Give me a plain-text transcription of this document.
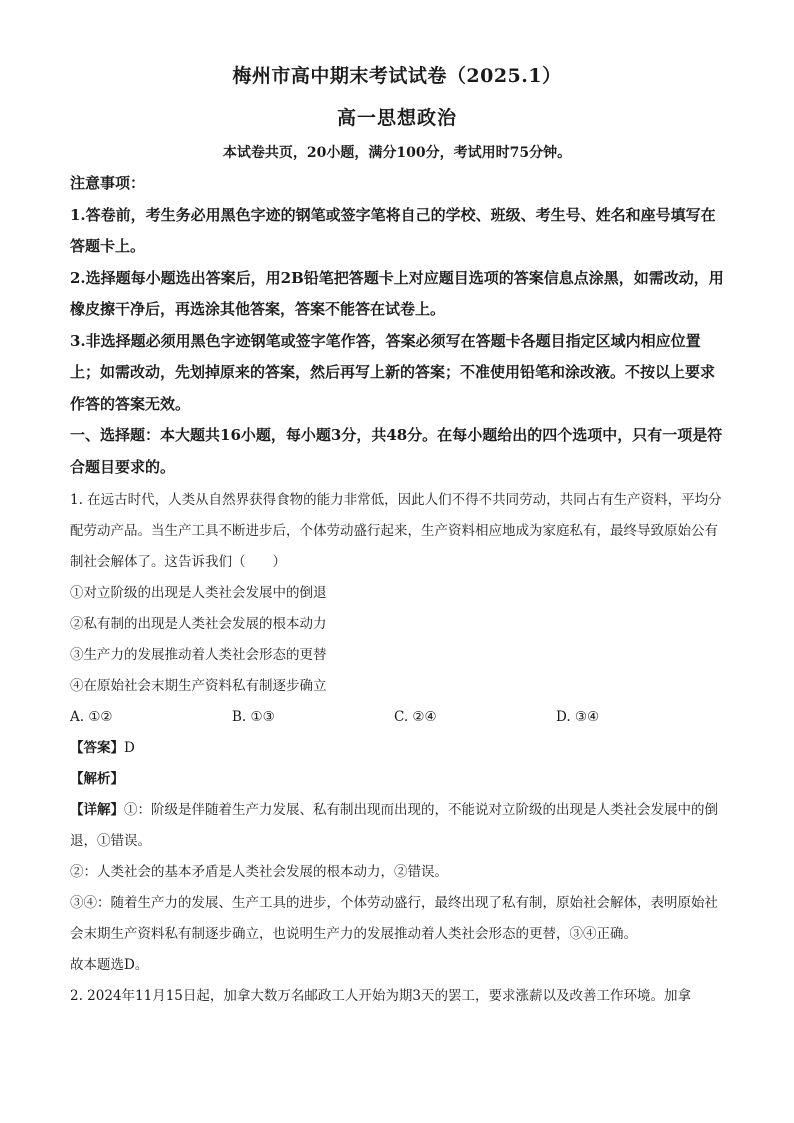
梅州市高中期末考试试卷（2025.1）
高一思想政治

本试卷共页，20小题，满分100分，考试用时75分钟。

注意事项：

1.答卷前，考生务必用黑色字迹的钢笔或签字笔将自己的学校、班级、考生号、姓名和座号填写在答题卡上。

2.选择题每小题选出答案后，用2B铅笔把答题卡上对应题目选项的答案信息点涂黑，如需改动，用橡皮擦干净后，再选涂其他答案，答案不能答在试卷上。

3.非选择题必须用黑色字迹钢笔或签字笔作答，答案必须写在答题卡各题目指定区域内相应位置上；如需改动，先划掉原来的答案，然后再写上新的答案；不准使用铅笔和涂改液。不按以上要求作答的答案无效。

一、选择题：本大题共16小题，每小题3分，共48分。在每小题给出的四个选项中，只有一项是符合题目要求的。

1. 在远古时代，人类从自然界获得食物的能力非常低，因此人们不得不共同劳动，共同占有生产资料，平均分配劳动产品。当生产工具不断进步后，个体劳动盛行起来，生产资料相应地成为家庭私有，最终导致原始公有制社会解体了。这告诉我们（　　）

①对立阶级的出现是人类社会发展中的倒退

②私有制的出现是人类社会发展的根本动力

③生产力的发展推动着人类社会形态的更替

④在原始社会末期生产资料私有制逐步确立

A. ①②	B. ①③	C. ②④	D. ③④

【答案】D

【解析】

【详解】①：阶级是伴随着生产力发展、私有制出现而出现的，不能说对立阶级的出现是人类社会发展中的倒退，①错误。

②：人类社会的基本矛盾是人类社会发展的根本动力，②错误。

③④：随着生产力的发展、生产工具的进步，个体劳动盛行，最终出现了私有制，原始社会解体，表明原始社会末期生产资料私有制逐步确立，也说明生产力的发展推动着人类社会形态的更替，③④正确。

故本题选D。

2. 2024年11月15日起，加拿大数万名邮政工人开始为期3天的罢工，要求涨薪以及改善工作环境。加拿
